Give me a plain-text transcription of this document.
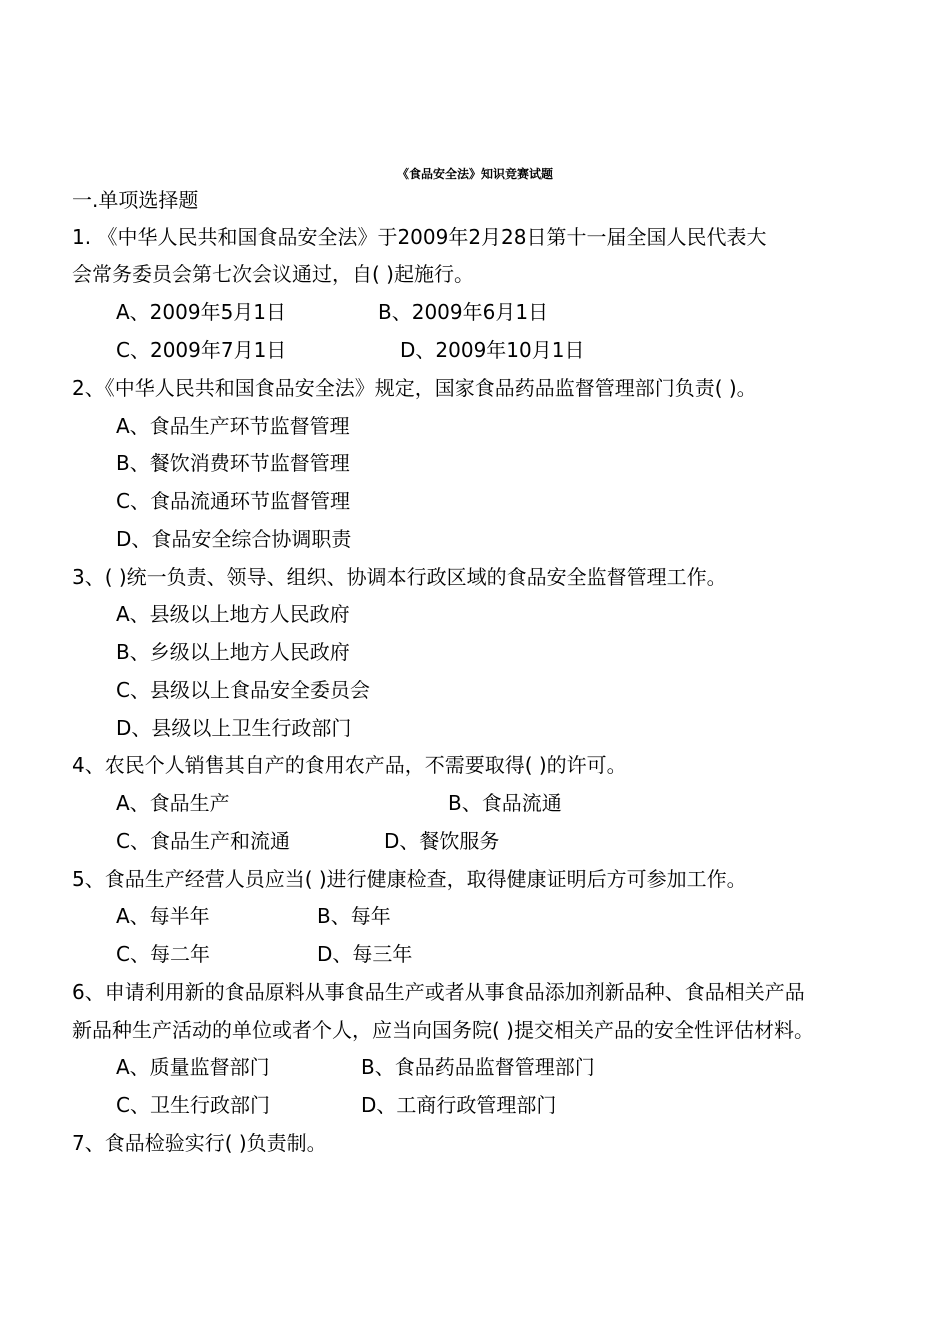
《食品安全法》知识竞赛试题
一.单项选择题
1. 《中华人民共和国食品安全法》于2009年2月28日第十一届全国人民代表大
会常务委员会第七次会议通过，自( )起施行。
A、2009年5月1日	B、2009年6月1日
C、2009年7月1日	D、2009年10月1日
2、《中华人民共和国食品安全法》规定，国家食品药品监督管理部门负责( )。
A、食品生产环节监督管理
B、餐饮消费环节监督管理
C、食品流通环节监督管理
D、食品安全综合协调职责
3、( )统一负责、领导、组织、协调本行政区域的食品安全监督管理工作。
A、县级以上地方人民政府
B、乡级以上地方人民政府
C、县级以上食品安全委员会
D、县级以上卫生行政部门
4、农民个人销售其自产的食用农产品，不需要取得( )的许可。
A、食品生产	B、食品流通
C、食品生产和流通	D、餐饮服务
5、食品生产经营人员应当( )进行健康检查，取得健康证明后方可参加工作。
A、每半年	B、每年
C、每二年	D、每三年
6、申请利用新的食品原料从事食品生产或者从事食品添加剂新品种、食品相关产品
新品种生产活动的单位或者个人，应当向国务院( )提交相关产品的安全性评估材料。
A、质量监督部门	B、食品药品监督管理部门
C、卫生行政部门	D、工商行政管理部门
7、食品检验实行( )负责制。
